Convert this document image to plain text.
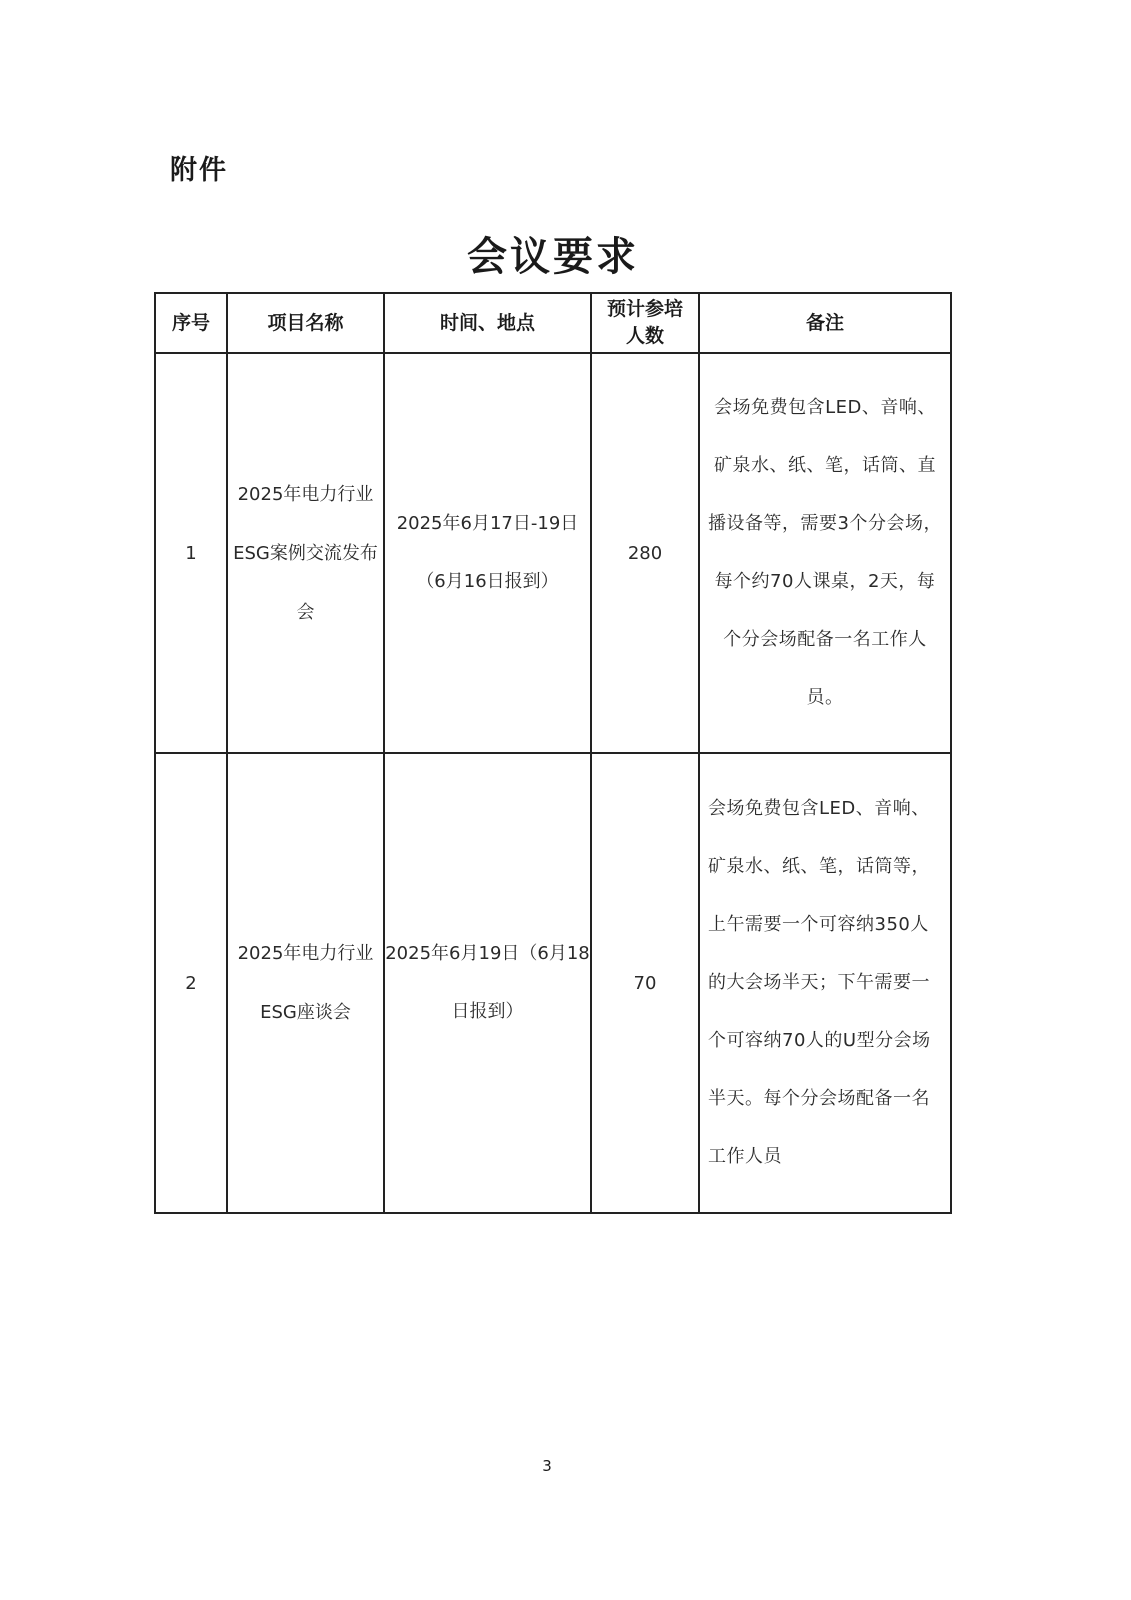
附件
会议要求
序号	项目名称	时间、地点	预计参培人数	备注
1	2025年电力行业ESG案例交流发布会	2025年6月17日-19日（6月16日报到）	280	会场免费包含LED、音响、矿泉水、纸、笔，话筒、直播设备等，需要3个分会场，每个约70人课桌，2天，每个分会场配备一名工作人员。
2	2025年电力行业ESG座谈会	2025年6月19日（6月18日报到）	70	会场免费包含LED、音响、矿泉水、纸、笔，话筒等，上午需要一个可容纳350人的大会场半天；下午需要一个可容纳70人的U型分会场半天。每个分会场配备一名工作人员
3
